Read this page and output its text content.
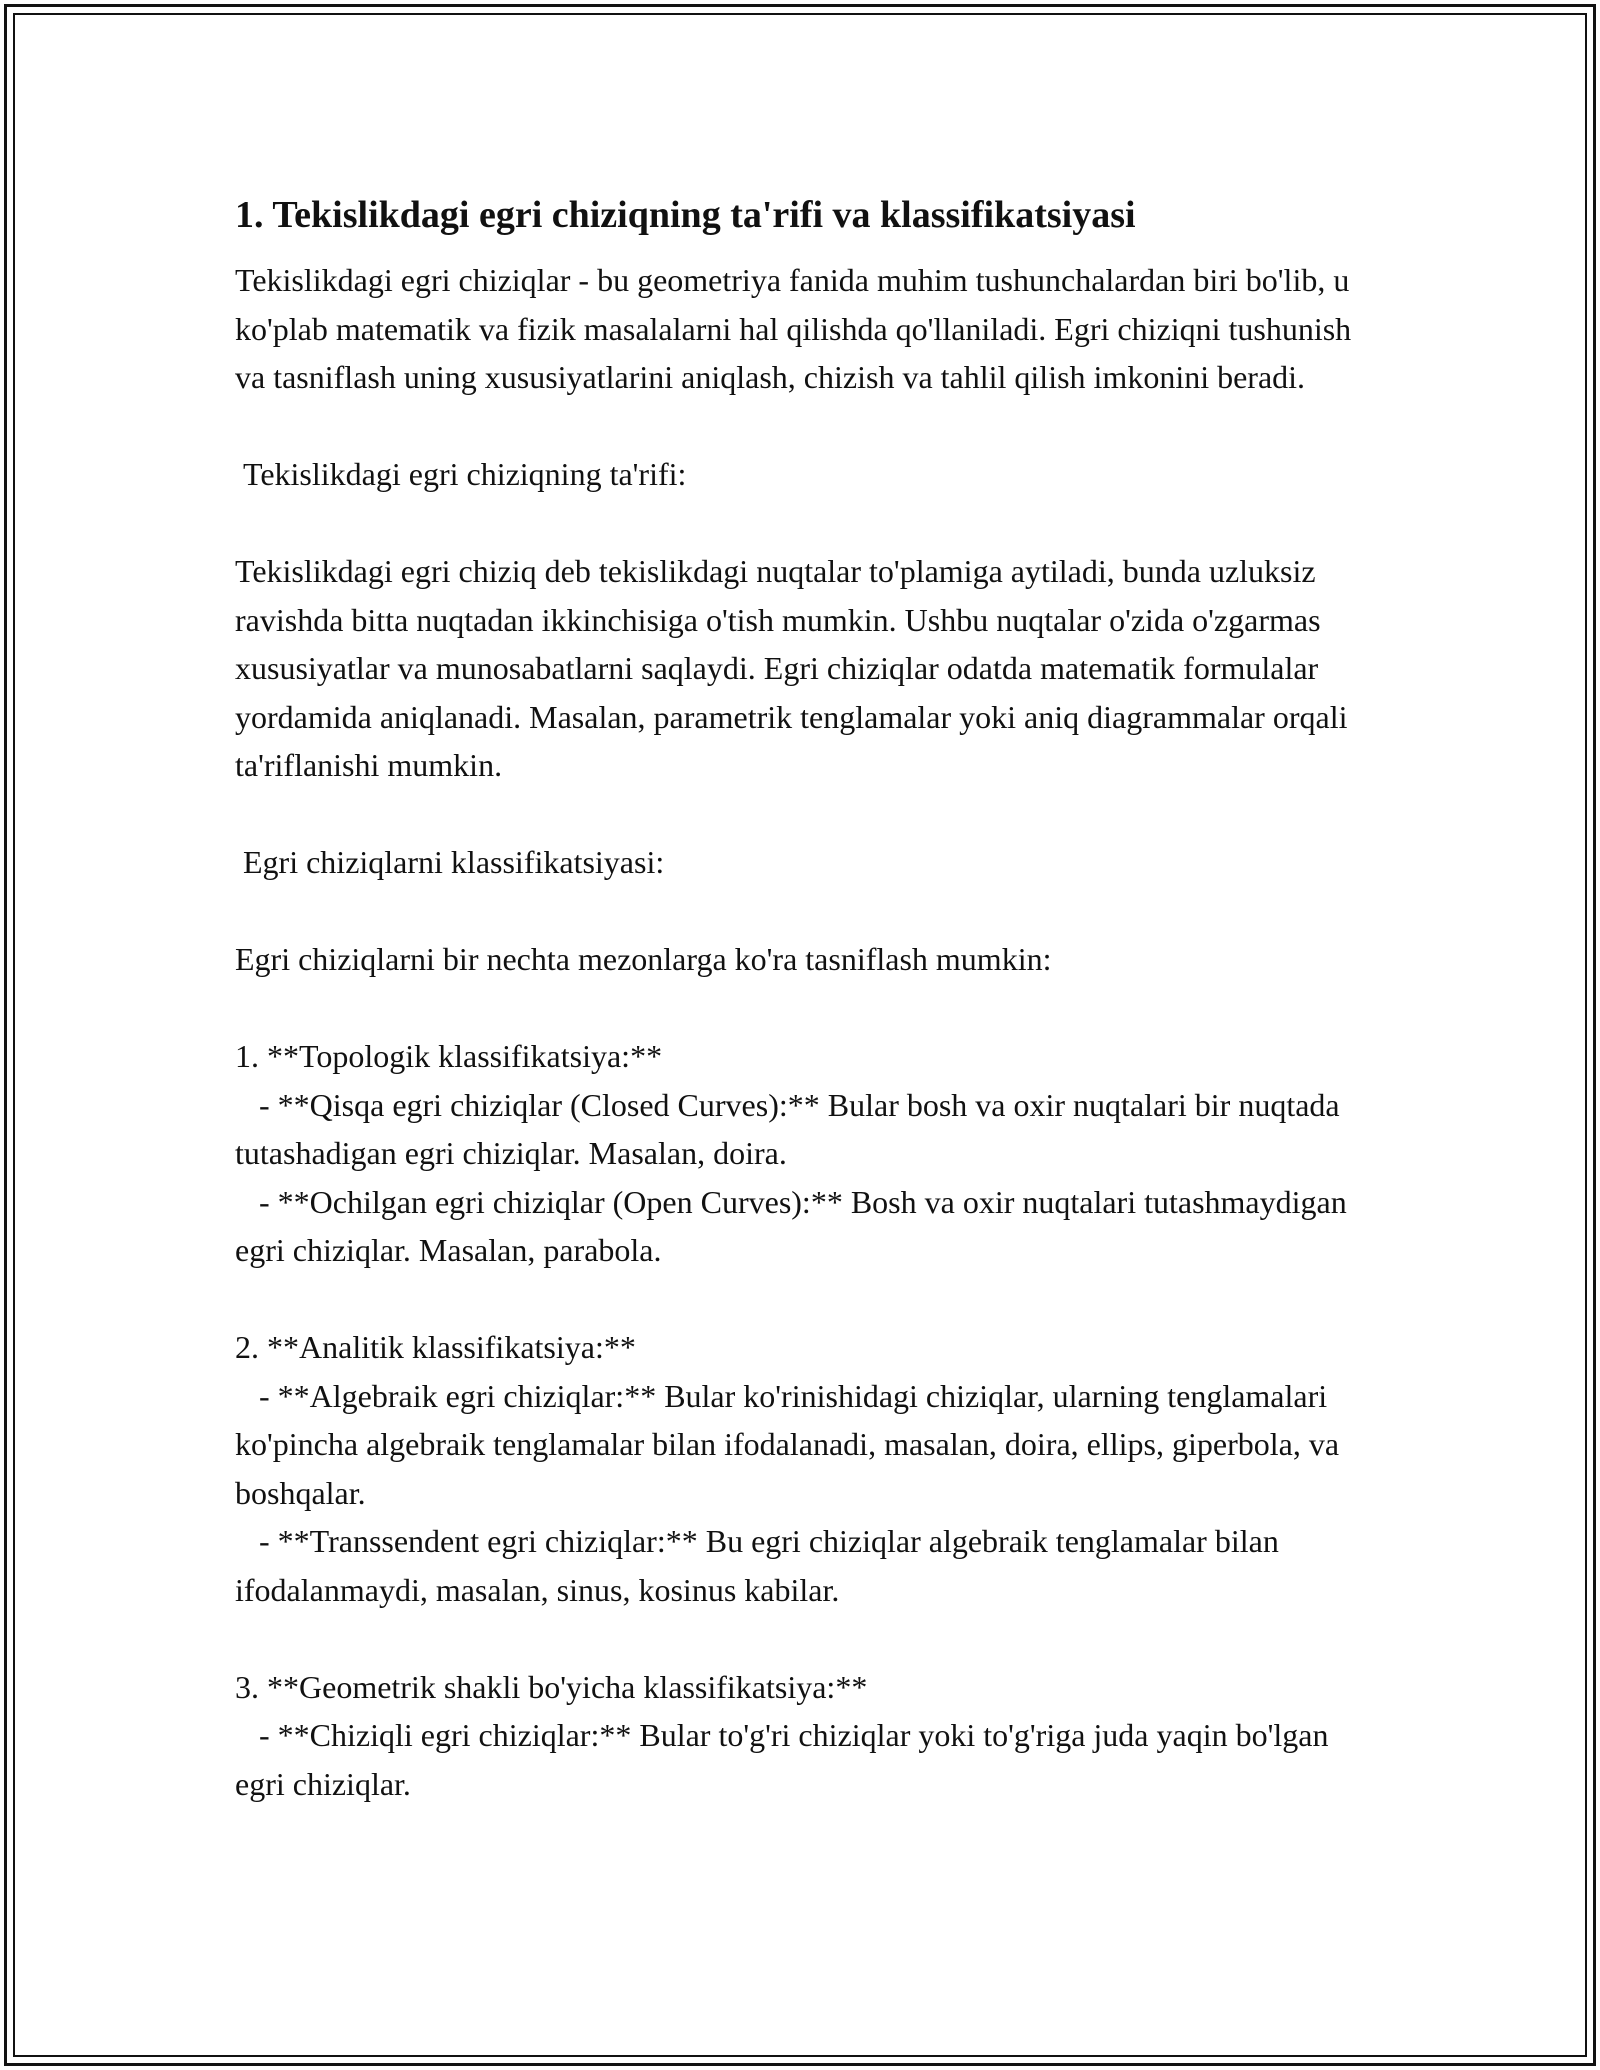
1. Tekislikdagi egri chiziqning ta'rifi va klassifikatsiyasi

Tekislikdagi egri chiziqlar - bu geometriya fanida muhim tushunchalardan biri bo'lib, u ko'plab matematik va fizik masalalarni hal qilishda qo'llaniladi. Egri chiziqni tushunish va tasniflash uning xususiyatlarini aniqlash, chizish va tahlil qilish imkonini beradi.

Tekislikdagi egri chiziqning ta'rifi:

Tekislikdagi egri chiziq deb tekislikdagi nuqtalar to'plamiga aytiladi, bunda uzluksiz ravishda bitta nuqtadan ikkinchisiga o'tish mumkin. Ushbu nuqtalar o'zida o'zgarmas xususiyatlar va munosabatlarni saqlaydi. Egri chiziqlar odatda matematik formulalar yordamida aniqlanadi. Masalan, parametrik tenglamalar yoki aniq diagrammalar orqali ta'riflanishi mumkin.

Egri chiziqlarni klassifikatsiyasi:

Egri chiziqlarni bir nechta mezonlarga ko'ra tasniflash mumkin:

1. **Topologik klassifikatsiya:**

- **Qisqa egri chiziqlar (Closed Curves):** Bular bosh va oxir nuqtalari bir nuqtada tutashadigan egri chiziqlar. Masalan, doira.

- **Ochilgan egri chiziqlar (Open Curves):** Bosh va oxir nuqtalari tutashmaydigan egri chiziqlar. Masalan, parabola.

2. **Analitik klassifikatsiya:**

- **Algebraik egri chiziqlar:** Bular ko'rinishidagi chiziqlar, ularning tenglamalari ko'pincha algebraik tenglamalar bilan ifodalanadi, masalan, doira, ellips, giperbola, va boshqalar.

- **Transsendent egri chiziqlar:** Bu egri chiziqlar algebraik tenglamalar bilan ifodalanmaydi, masalan, sinus, kosinus kabilar.

3. **Geometrik shakli bo'yicha klassifikatsiya:**

- **Chiziqli egri chiziqlar:** Bular to'g'ri chiziqlar yoki to'g'riga juda yaqin bo'lgan egri chiziqlar.
